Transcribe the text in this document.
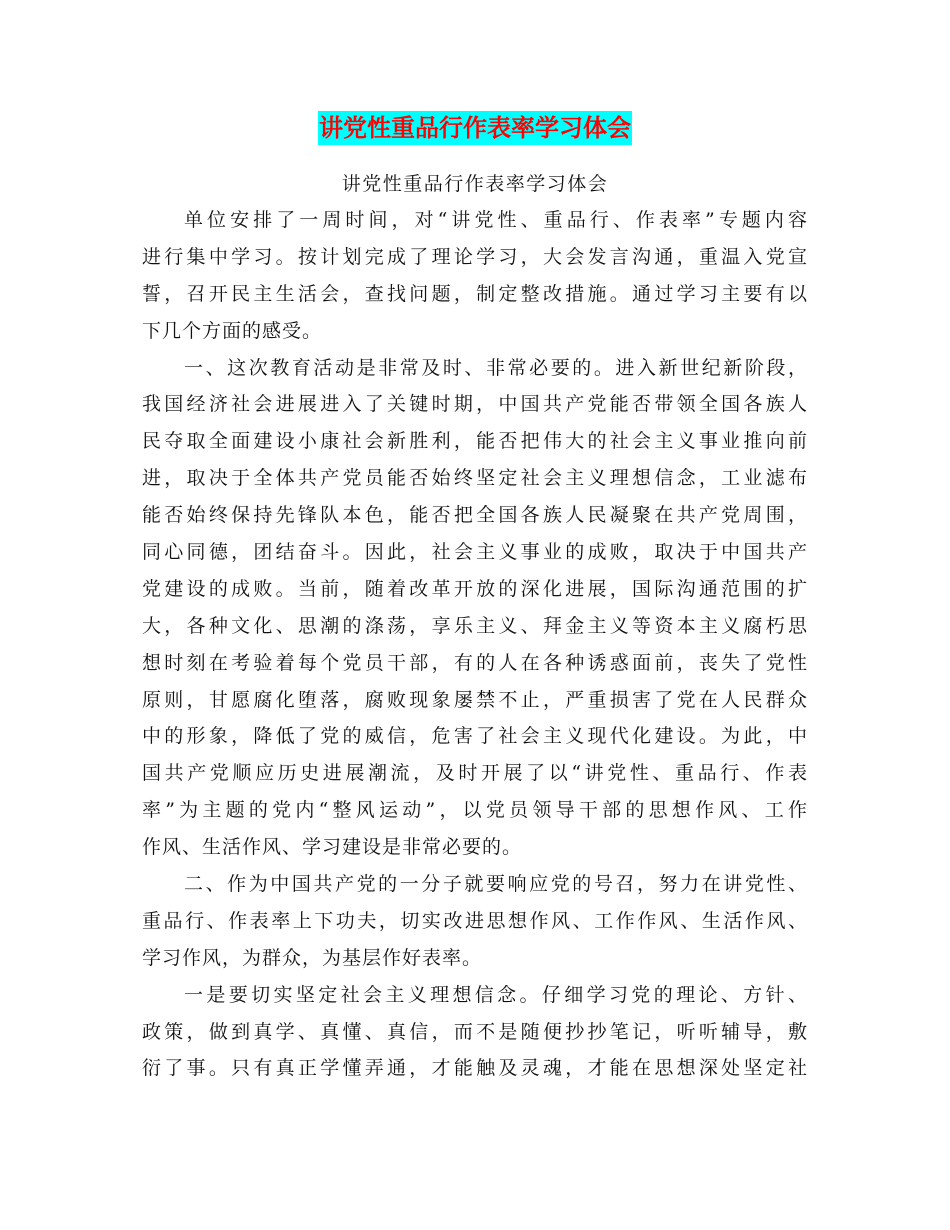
讲党性重品行作表率学习体会
讲党性重品行作表率学习体会
单位安排了一周时间，对“讲党性、重品行、作表率”专题内容
进行集中学习。按计划完成了理论学习，大会发言沟通，重温入党宣
誓，召开民主生活会，查找问题，制定整改措施。通过学习主要有以
下几个方面的感受。
一、这次教育活动是非常及时、非常必要的。进入新世纪新阶段，
我国经济社会进展进入了关键时期，中国共产党能否带领全国各族人
民夺取全面建设小康社会新胜利，能否把伟大的社会主义事业推向前
进，取决于全体共产党员能否始终坚定社会主义理想信念，工业滤布
能否始终保持先锋队本色，能否把全国各族人民凝聚在共产党周围，
同心同德，团结奋斗。因此，社会主义事业的成败，取决于中国共产
党建设的成败。当前，随着改革开放的深化进展，国际沟通范围的扩
大，各种文化、思潮的涤荡，享乐主义、拜金主义等资本主义腐朽思
想时刻在考验着每个党员干部，有的人在各种诱惑面前，丧失了党性
原则，甘愿腐化堕落，腐败现象屡禁不止，严重损害了党在人民群众
中的形象，降低了党的威信，危害了社会主义现代化建设。为此，中
国共产党顺应历史进展潮流，及时开展了以“讲党性、重品行、作表
率”为主题的党内“整风运动”，以党员领导干部的思想作风、工作
作风、生活作风、学习建设是非常必要的。
二、作为中国共产党的一分子就要响应党的号召，努力在讲党性、
重品行、作表率上下功夫，切实改进思想作风、工作作风、生活作风、
学习作风，为群众，为基层作好表率。
一是要切实坚定社会主义理想信念。仔细学习党的理论、方针、
政策，做到真学、真懂、真信，而不是随便抄抄笔记，听听辅导，敷
衍了事。只有真正学懂弄通，才能触及灵魂，才能在思想深处坚定社
